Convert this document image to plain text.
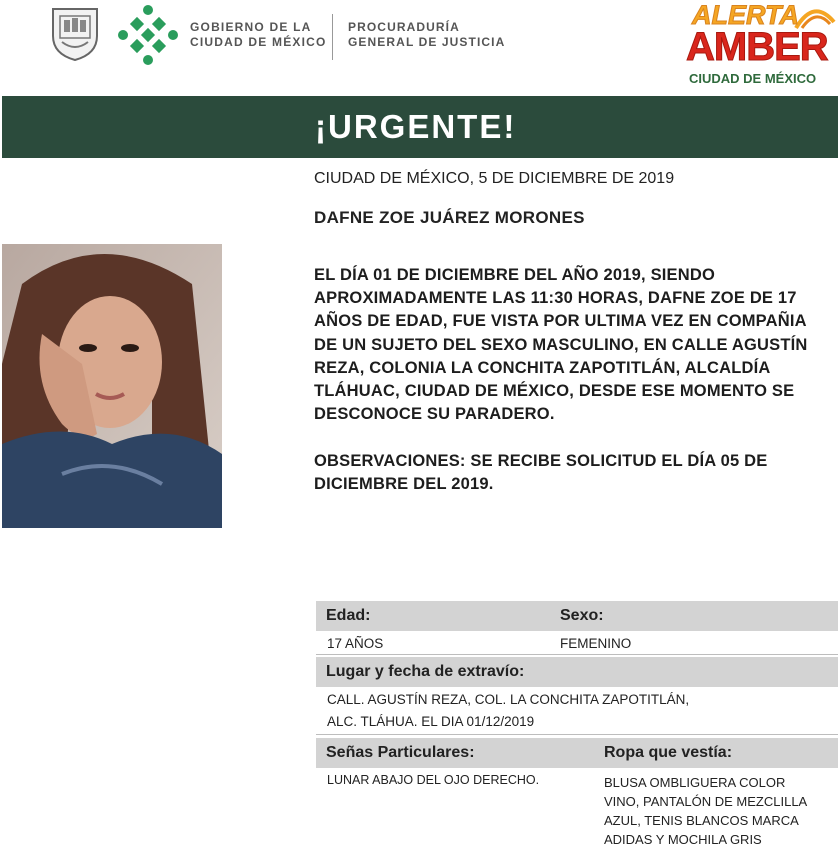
GOBIERNO DE LA
CIUDAD DE MÉXICO
PROCURADURÍA
GENERAL DE JUSTICIA
ALERTA
AMBER
CIUDAD DE MÉXICO
¡URGENTE!
CIUDAD DE MÉXICO, 5 DE DICIEMBRE DE 2019
DAFNE ZOE JUÁREZ MORONES

EL DÍA 01 DE DICIEMBRE DEL AÑO 2019, SIENDO APROXIMADAMENTE LAS 11:30 HORAS, DAFNE ZOE DE 17 AÑOS DE EDAD, FUE VISTA POR ULTIMA VEZ EN COMPAÑIA DE UN SUJETO DEL SEXO MASCULINO, EN CALLE AGUSTÍN REZA, COLONIA LA CONCHITA ZAPOTITLÁN, ALCALDÍA TLÁHUAC, CIUDAD DE MÉXICO, DESDE ESE MOMENTO SE DESCONOCE SU PARADERO.

OBSERVACIONES: SE RECIBE SOLICITUD EL DÍA 05 DE DICIEMBRE DEL 2019.

Edad:	Sexo:
17 AÑOS	FEMENINO
Lugar y fecha de extravío:
CALL. AGUSTÍN REZA, COL. LA CONCHITA ZAPOTITLÁN,
ALC. TLÁHUA. EL DIA 01/12/2019
Señas Particulares:	Ropa que vestía:
LUNAR ABAJO DEL OJO DERECHO.	BLUSA OMBLIGUERA COLOR
VINO, PANTALÓN DE MEZCLILLA
AZUL, TENIS BLANCOS MARCA
ADIDAS Y MOCHILA GRIS
